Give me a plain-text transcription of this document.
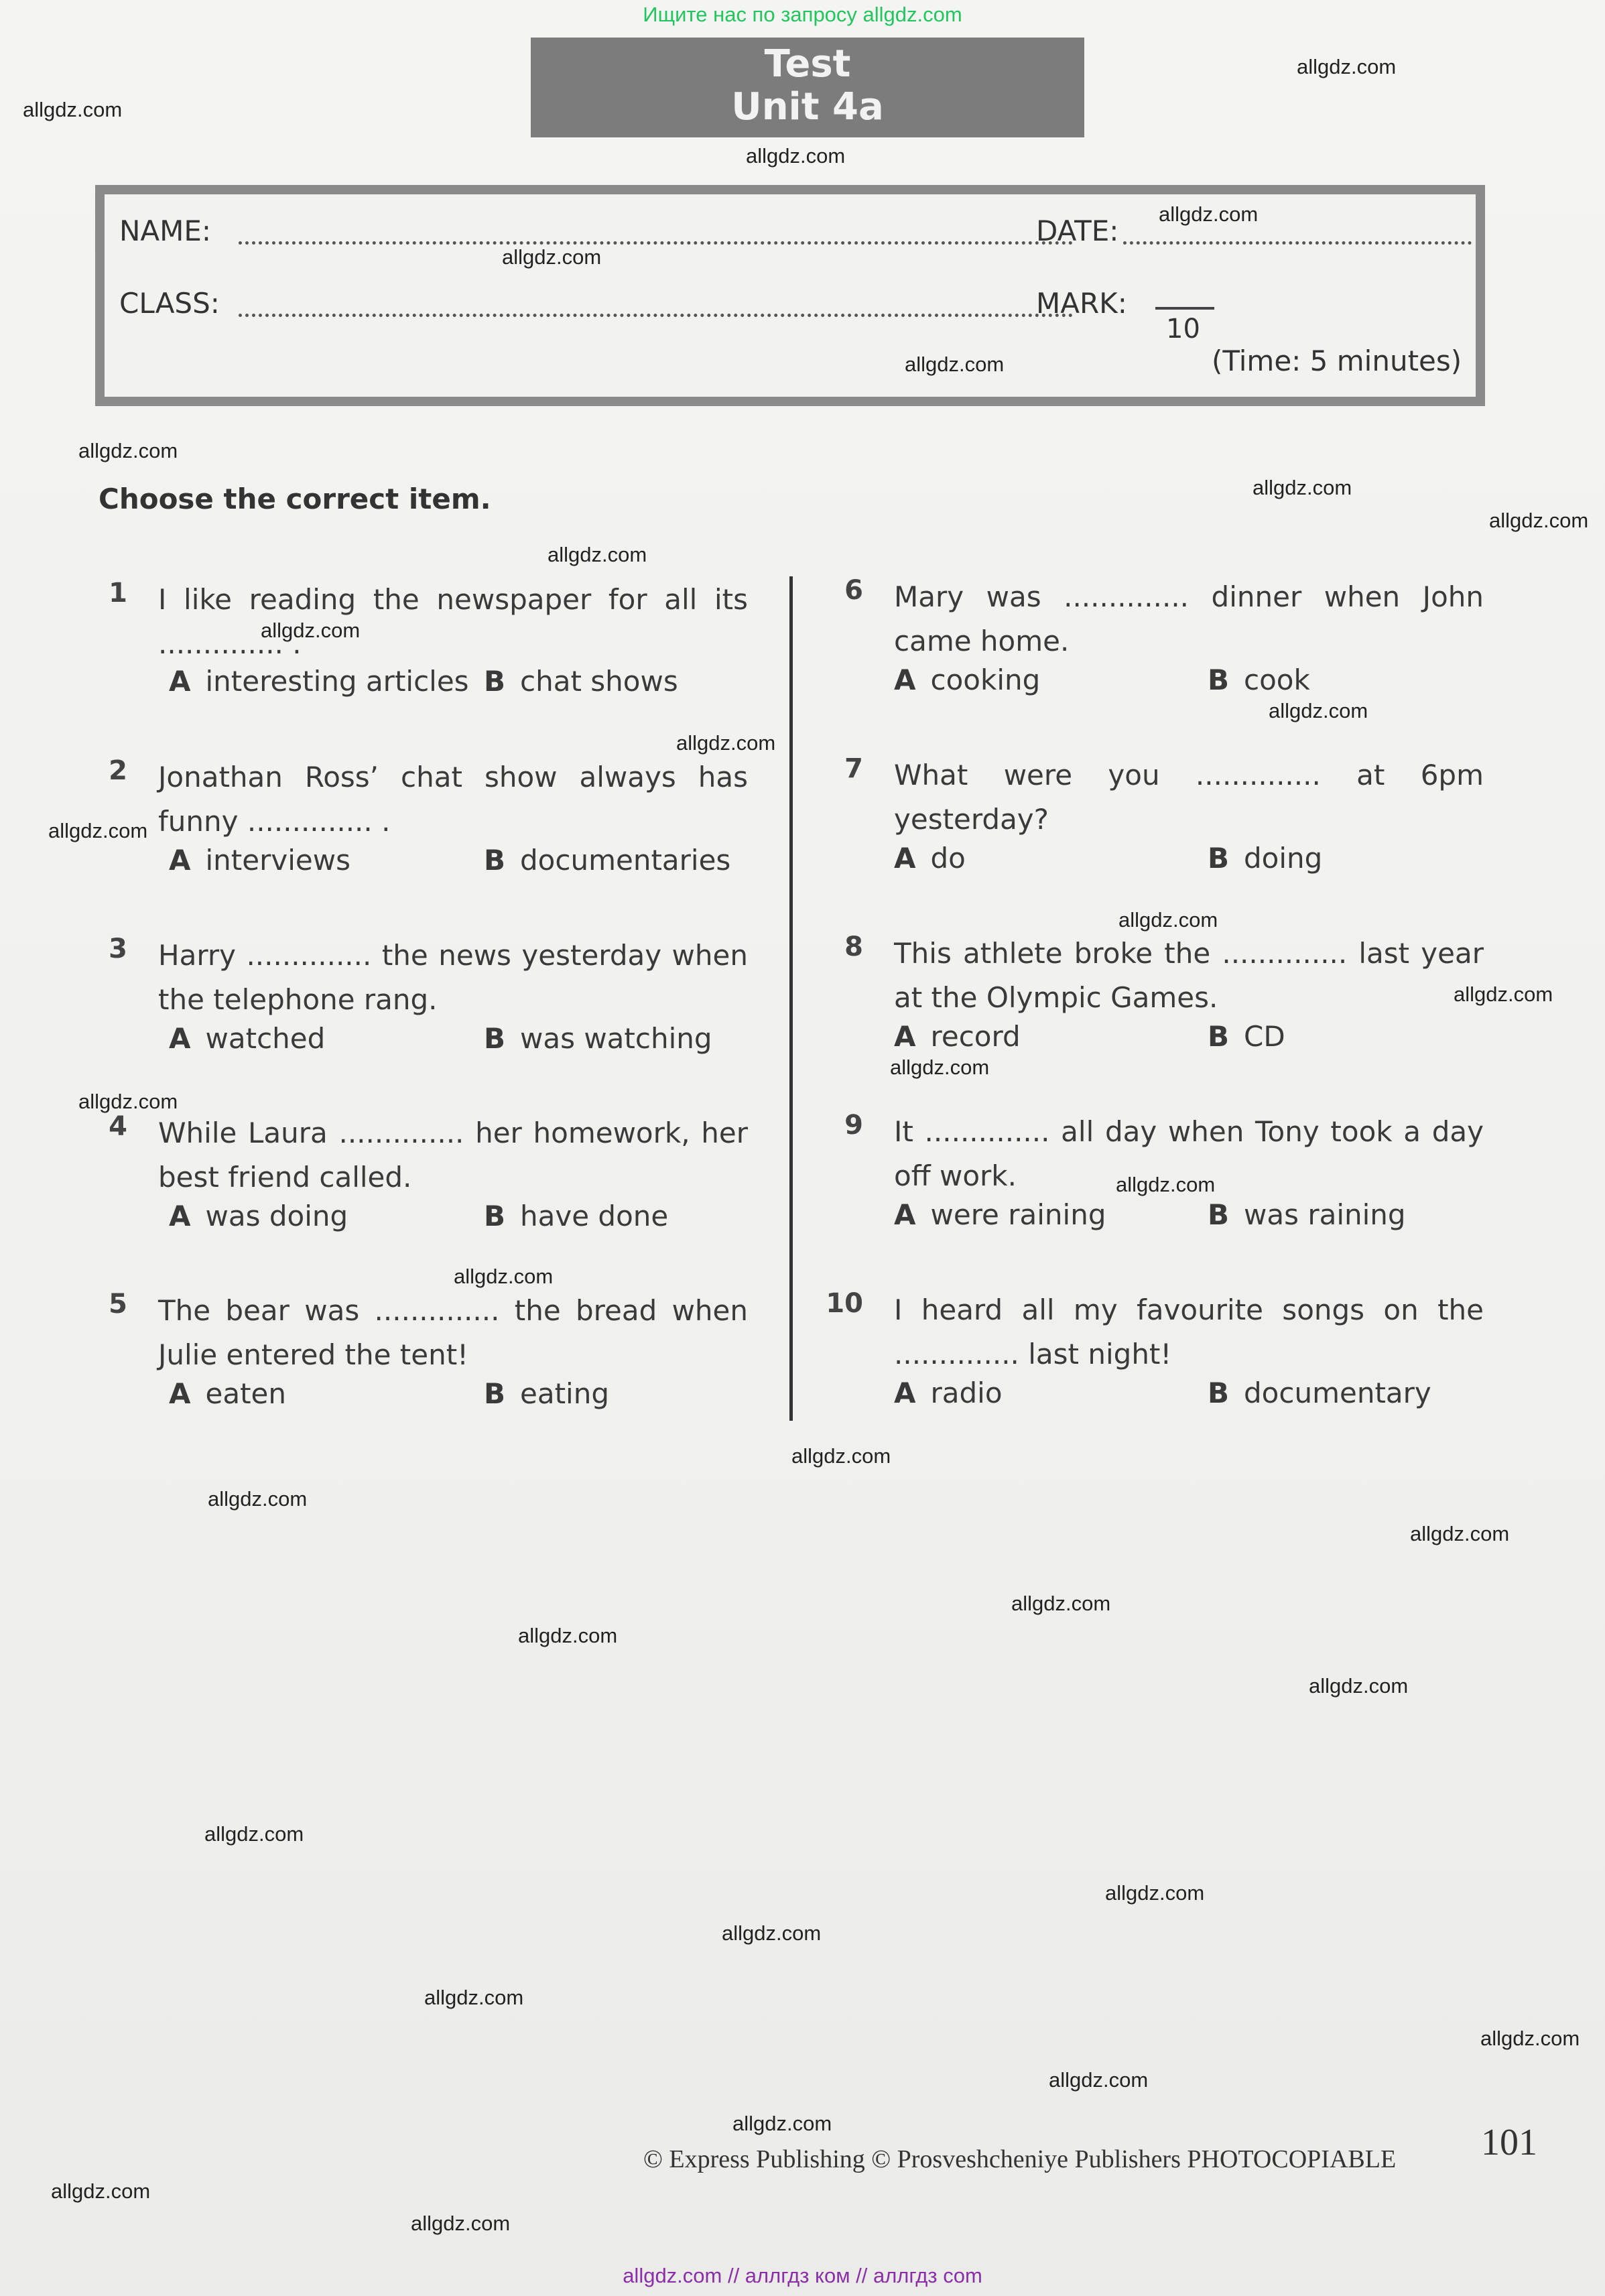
Ищите нас по запросу allgdz.com
Test
Unit 4a
NAME:	DATE:
CLASS:	MARK:
10
(Time: 5 minutes)
Choose the correct item.
1 I like reading the newspaper for all its .............. .
A interesting articles B chat shows
2 Jonathan Ross’ chat show always has funny .............. .
A interviews	B documentaries
3 Harry .............. the news yesterday when the telephone rang.
A watched	B was watching
4 While Laura .............. her homework, her best friend called.
A was doing	B have done
5 The bear was .............. the bread when Julie entered the tent!
A eaten	B eating
6 Mary was .............. dinner when John came home.
A cooking	B cook
7 What were you .............. at 6pm yesterday?
A do	B doing
8 This athlete broke the .............. last year at the Olympic Games.
A record	B CD
9 It .............. all day when Tony took a day off work.
A were raining	B was raining
10 I heard all my favourite songs on the .............. last night!
A radio	B documentary
© Express Publishing © Prosveshcheniye Publishers PHOTOCOPIABLE 101
allgdz.com
allgdz.com
allgdz.com
allgdz.com
allgdz.com
allgdz.com
allgdz.com
allgdz.com
allgdz.com
allgdz.com
allgdz.com
allgdz.com
allgdz.com
allgdz.com
allgdz.com
allgdz.com
allgdz.com
allgdz.com
allgdz.com
allgdz.com
allgdz.com
allgdz.com
allgdz.com
allgdz.com
allgdz.com
allgdz.com
allgdz.com
allgdz.com
allgdz.com
allgdz.com
allgdz.com
allgdz.com
allgdz.com
allgdz.com
allgdz.com
allgdz.com // аллгдз ком // аллгдз com
